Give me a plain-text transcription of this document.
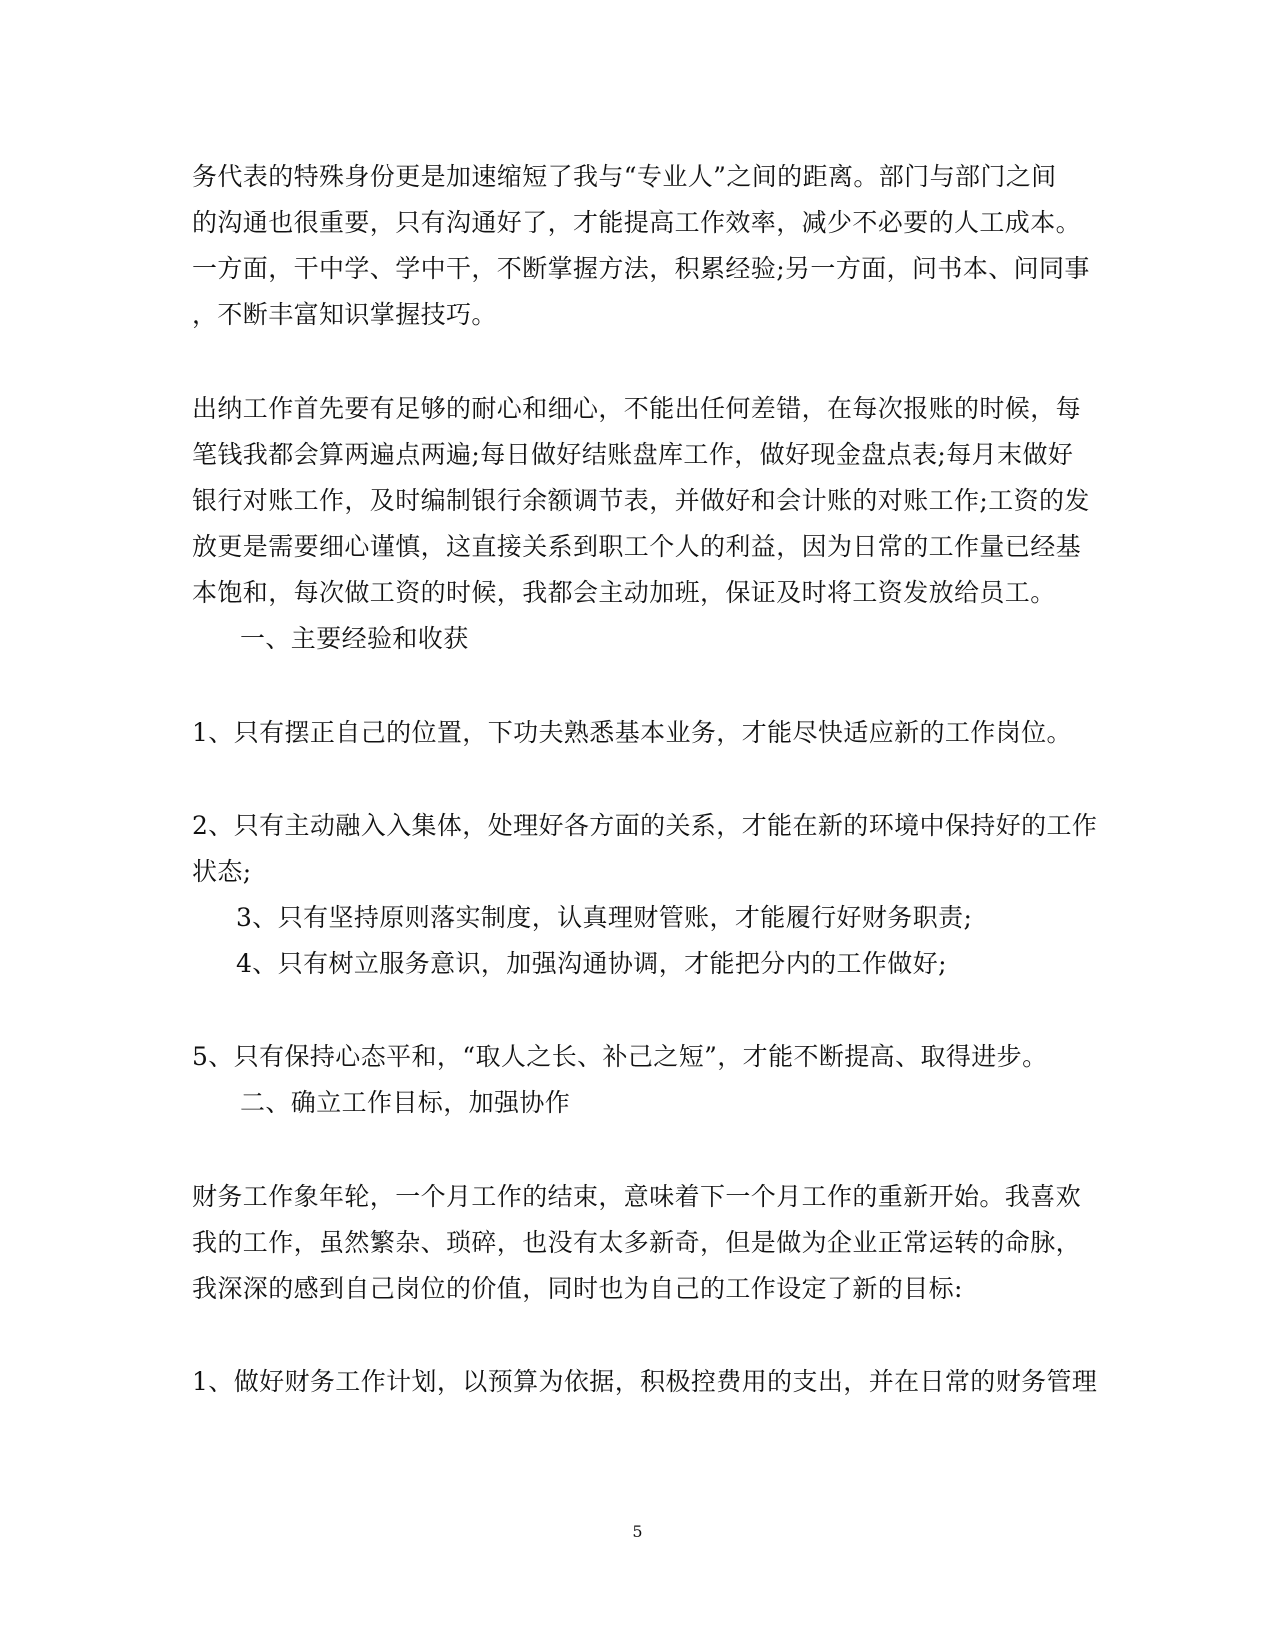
务代表的特殊身份更是加速缩短了我与“专业人”之间的距离。部门与部门之间
的沟通也很重要，只有沟通好了，才能提高工作效率，减少不必要的人工成本。
一方面，干中学、学中干，不断掌握方法，积累经验;另一方面，问书本、问同事
，不断丰富知识掌握技巧。
出纳工作首先要有足够的耐心和细心，不能出任何差错，在每次报账的时候，每
笔钱我都会算两遍点两遍;每日做好结账盘库工作，做好现金盘点表;每月末做好
银行对账工作，及时编制银行余额调节表，并做好和会计账的对账工作;工资的发
放更是需要细心谨慎，这直接关系到职工个人的利益，因为日常的工作量已经基
本饱和，每次做工资的时候，我都会主动加班，保证及时将工资发放给员工。
一、主要经验和收获
1、只有摆正自己的位置，下功夫熟悉基本业务，才能尽快适应新的工作岗位。
2、只有主动融入入集体，处理好各方面的关系，才能在新的环境中保持好的工作
状态;
3、只有坚持原则落实制度，认真理财管账，才能履行好财务职责;
4、只有树立服务意识，加强沟通协调，才能把分内的工作做好;
5、只有保持心态平和，“取人之长、补己之短”，才能不断提高、取得进步。
二、确立工作目标，加强协作
财务工作象年轮，一个月工作的结束，意味着下一个月工作的重新开始。我喜欢
我的工作，虽然繁杂、琐碎，也没有太多新奇，但是做为企业正常运转的命脉，
我深深的感到自己岗位的价值，同时也为自己的工作设定了新的目标:
1、做好财务工作计划，以预算为依据，积极控费用的支出，并在日常的财务管理
5
